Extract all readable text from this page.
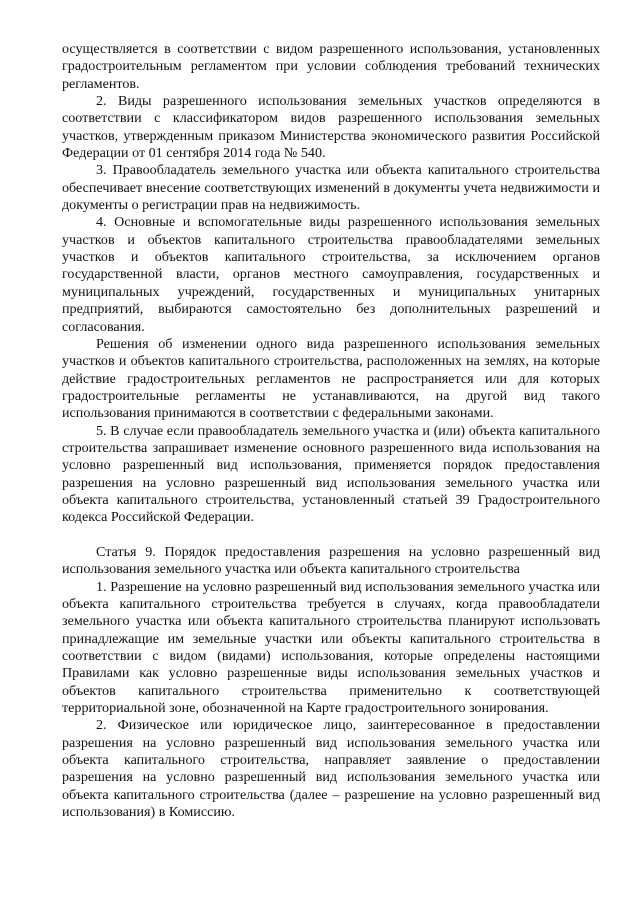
осуществляется в соответствии с видом разрешенного использования, установленных градостроительным регламентом при условии соблюдения требований технических регламентов.

2. Виды разрешенного использования земельных участков определяются в соответствии с классификатором видов разрешенного использования земельных участков, утвержденным приказом Министерства экономического развития Российской Федерации от 01 сентября 2014 года № 540.

3. Правообладатель земельного участка или объекта капитального строительства обеспечивает внесение соответствующих изменений в документы учета недвижимости и документы о регистрации прав на недвижимость.

4. Основные и вспомогательные виды разрешенного использования земельных участков и объектов капитального строительства правообладателями земельных участков и объектов капитального строительства, за исключением органов государственной власти, органов местного самоуправления, государственных и муниципальных учреждений, государственных и муниципальных унитарных предприятий, выбираются самостоятельно без дополнительных разрешений и согласования.

Решения об изменении одного вида разрешенного использования земельных участков и объектов капитального строительства, расположенных на землях, на которые действие градостроительных регламентов не распространяется или для которых градостроительные регламенты не устанавливаются, на другой вид такого использования принимаются в соответствии с федеральными законами.

5. В случае если правообладатель земельного участка и (или) объекта капитального строительства запрашивает изменение основного разрешенного вида использования на условно разрешенный вид использования, применяется порядок предоставления разрешения на условно разрешенный вид использования земельного участка или объекта капитального строительства, установленный статьей 39 Градостроительного кодекса Российской Федерации.

Статья 9. Порядок предоставления разрешения на условно разрешенный вид использования земельного участка или объекта капитального строительства

1. Разрешение на условно разрешенный вид использования земельного участка или объекта капитального строительства требуется в случаях, когда правообладатели земельного участка или объекта капитального строительства планируют использовать принадлежащие им земельные участки или объекты капитального строительства в соответствии с видом (видами) использования, которые определены настоящими Правилами как условно разрешенные виды использования земельных участков и объектов капитального строительства применительно к соответствующей территориальной зоне, обозначенной на Карте градостроительного зонирования.

2. Физическое или юридическое лицо, заинтересованное в предоставлении разрешения на условно разрешенный вид использования земельного участка или объекта капитального строительства, направляет заявление о предоставлении разрешения на условно разрешенный вид использования земельного участка или объекта капитального строительства (далее – разрешение на условно разрешенный вид использования) в Комиссию.
